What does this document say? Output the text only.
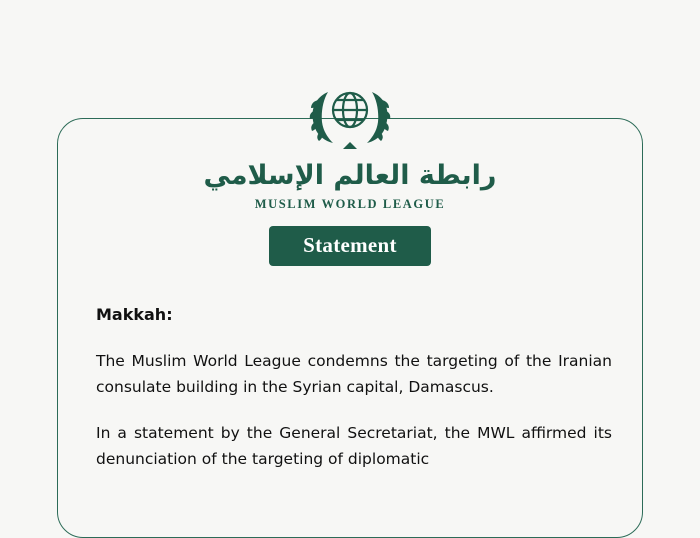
رابطة العالم الإسلامي
MUSLIM WORLD LEAGUE
Statement

Makkah:

The Muslim World League condemns the targeting of the Iranian consulate building in the Syrian capital, Damascus.

In a statement by the General Secretariat, the MWL affirmed its denunciation of the targeting of diplomatic
